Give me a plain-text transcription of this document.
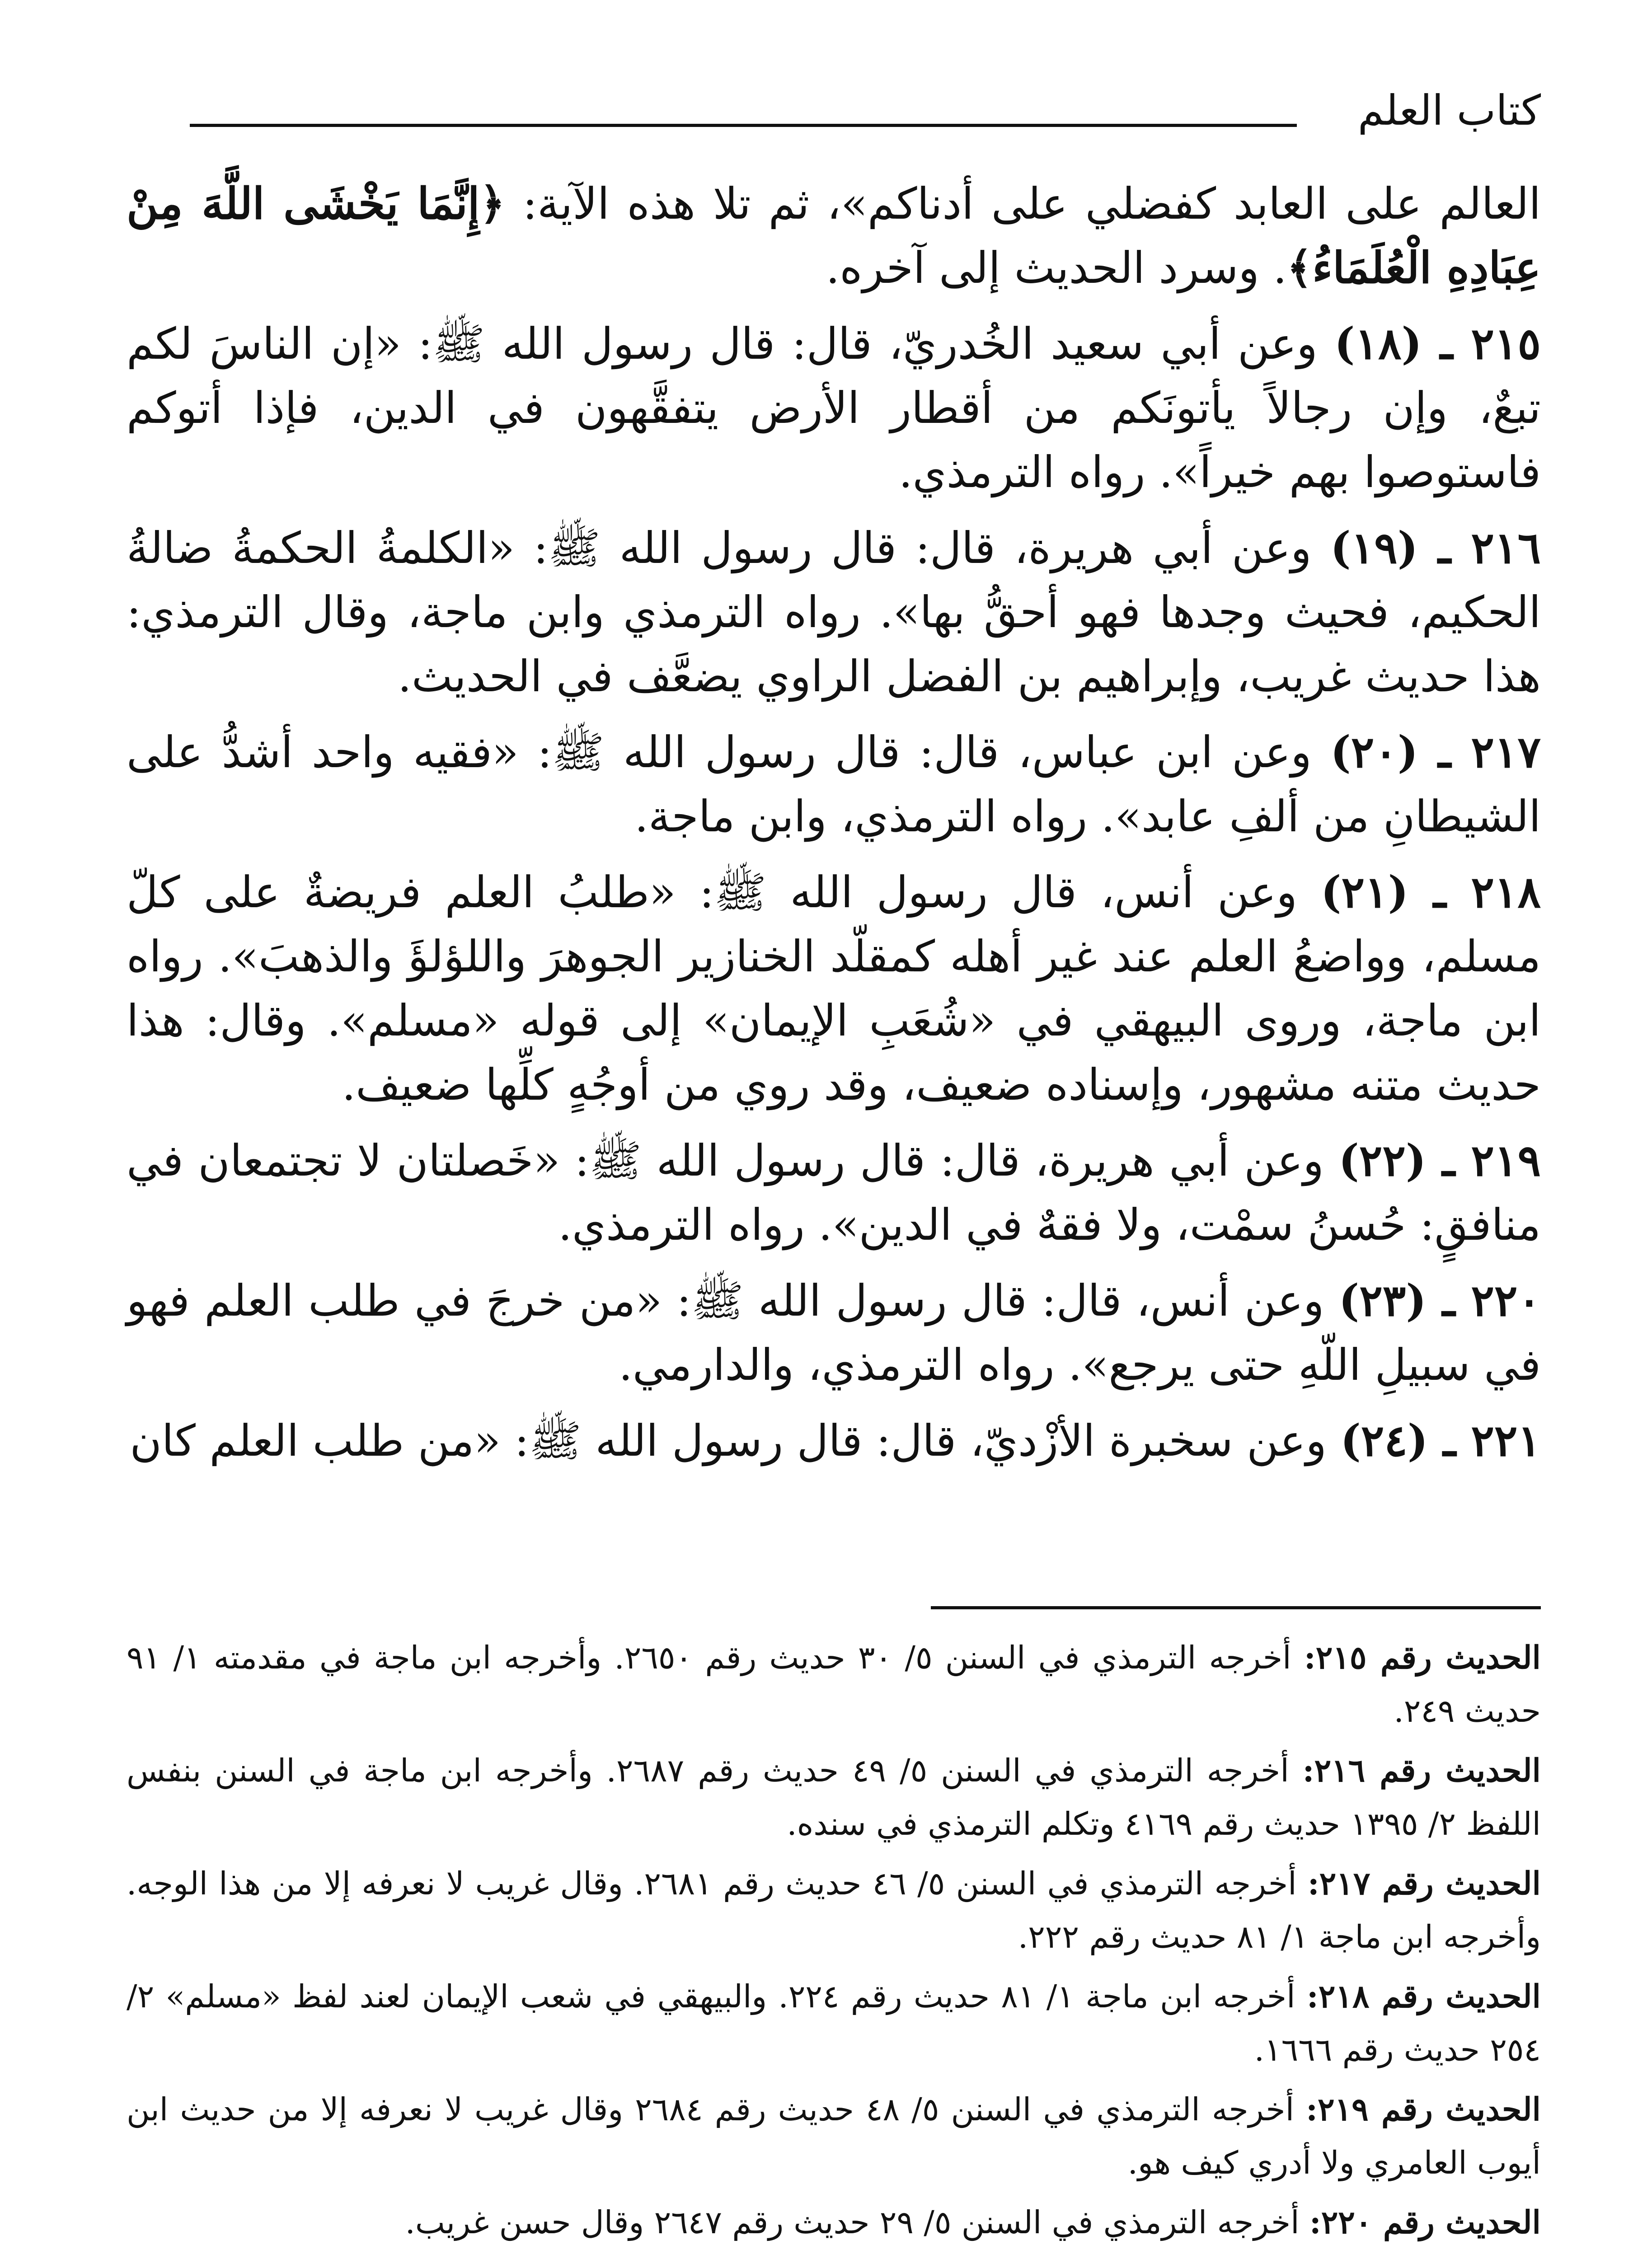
كتاب العلم

العالم على العابد كفضلي على أدناكم»، ثم تلا هذه الآية: ﴿إِنَّمَا يَخْشَى اللَّهَ مِنْ عِبَادِهِ الْعُلَمَاءُ﴾. وسرد الحديث إلى آخره.

٢١٥ ـ (١٨) وعن أبي سعيد الخُدريّ، قال: قال رسول الله ﷺ: «إن الناسَ لكم تبعٌ، وإن رجالاً يأتونَكم من أقطار الأرض يتفقَّهون في الدين، فإذا أتوكم فاستوصوا بهم خيراً». رواه الترمذي.

٢١٦ ـ (١٩) وعن أبي هريرة، قال: قال رسول الله ﷺ: «الكلمةُ الحكمةُ ضالةُ الحكيم، فحيث وجدها فهو أحقُّ بها». رواه الترمذي وابن ماجة، وقال الترمذي: هذا حديث غريب، وإبراهيم بن الفضل الراوي يضعَّف في الحديث.

٢١٧ ـ (٢٠) وعن ابن عباس، قال: قال رسول الله ﷺ: «فقيه واحد أشدُّ على الشيطانِ من ألفِ عابد». رواه الترمذي، وابن ماجة.

٢١٨ ـ (٢١) وعن أنس، قال رسول الله ﷺ: «طلبُ العلم فريضةٌ على كلّ مسلم، وواضعُ العلم عند غير أهله كمقلّد الخنازير الجوهرَ واللؤلؤَ والذهبَ». رواه ابن ماجة، وروى البيهقي في «شُعَبِ الإيمان» إلى قوله «مسلم». وقال: هذا حديث متنه مشهور، وإسناده ضعيف، وقد روي من أوجُهٍ كلِّها ضعيف.

٢١٩ ـ (٢٢) وعن أبي هريرة، قال: قال رسول الله ﷺ: «خَصلتان لا تجتمعان في منافقٍ: حُسنُ سمْت، ولا فقهٌ في الدين». رواه الترمذي.

٢٢٠ ـ (٢٣) وعن أنس، قال: قال رسول الله ﷺ: «من خرجَ في طلب العلم فهو في سبيلِ اللّهِ حتى يرجع». رواه الترمذي، والدارمي.

٢٢١ ـ (٢٤) وعن سخبرة الأزْديّ، قال: قال رسول الله ﷺ: «من طلب العلم كان

الحديث رقم ٢١٥: أخرجه الترمذي في السنن ٥/ ٣٠ حديث رقم ٢٦٥٠. وأخرجه ابن ماجة في مقدمته ١/ ٩١ حديث ٢٤٩.

الحديث رقم ٢١٦: أخرجه الترمذي في السنن ٥/ ٤٩ حديث رقم ٢٦٨٧. وأخرجه ابن ماجة في السنن بنفس اللفظ ٢/ ١٣٩٥ حديث رقم ٤١٦٩ وتكلم الترمذي في سنده.

الحديث رقم ٢١٧: أخرجه الترمذي في السنن ٥/ ٤٦ حديث رقم ٢٦٨١. وقال غريب لا نعرفه إلا من هذا الوجه. وأخرجه ابن ماجة ١/ ٨١ حديث رقم ٢٢٢.

الحديث رقم ٢١٨: أخرجه ابن ماجة ١/ ٨١ حديث رقم ٢٢٤. والبيهقي في شعب الإيمان لعند لفظ «مسلم» ٢/ ٢٥٤ حديث رقم ١٦٦٦.

الحديث رقم ٢١٩: أخرجه الترمذي في السنن ٥/ ٤٨ حديث رقم ٢٦٨٤ وقال غريب لا نعرفه إلا من حديث ابن أيوب العامري ولا أدري كيف هو.

الحديث رقم ٢٢٠: أخرجه الترمذي في السنن ٥/ ٢٩ حديث رقم ٢٦٤٧ وقال حسن غريب.
